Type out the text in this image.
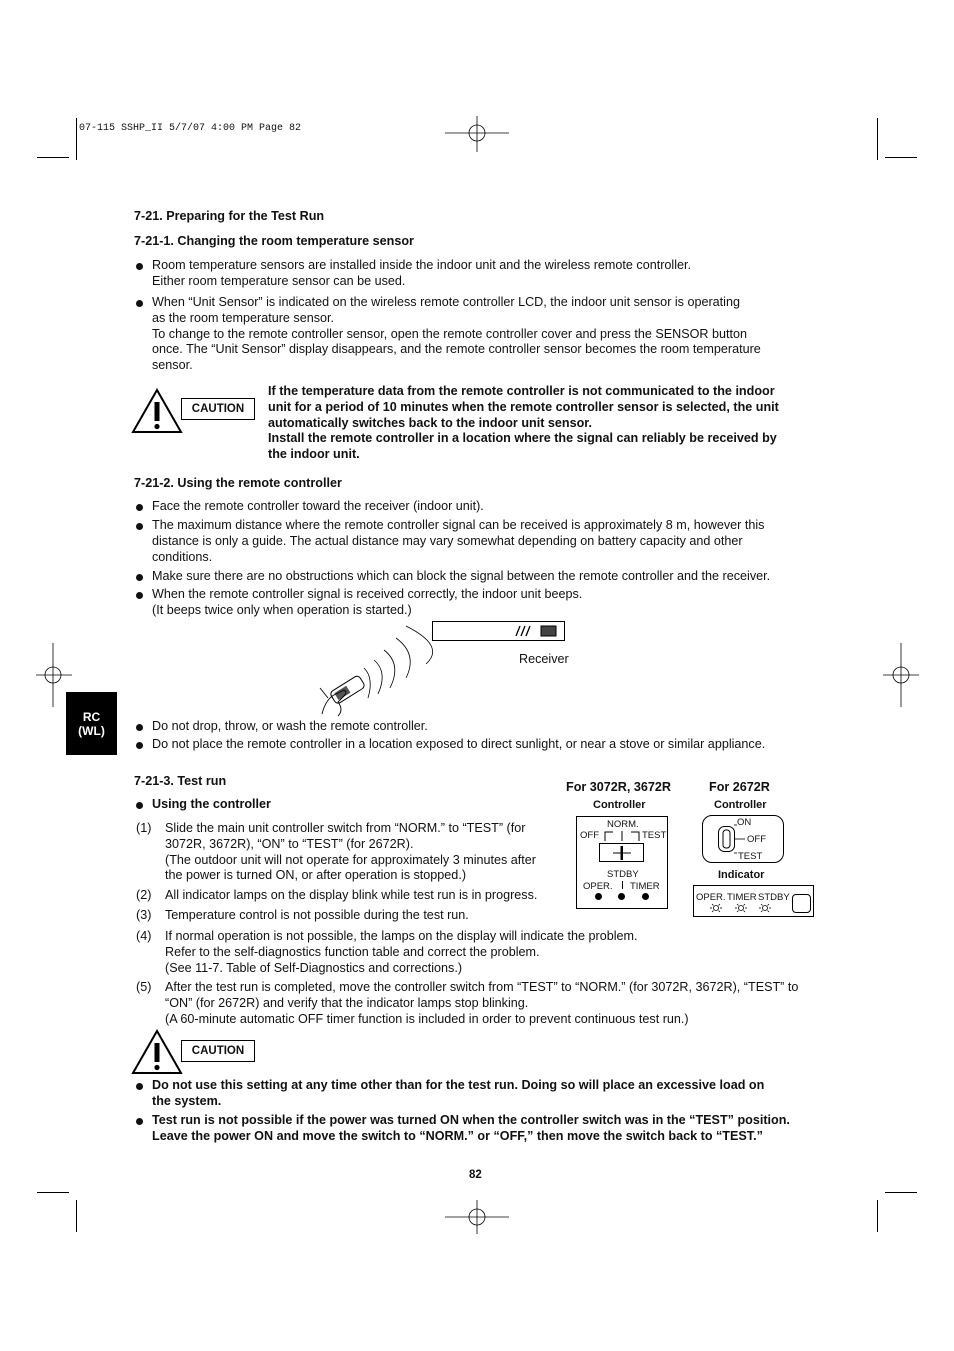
07-115 SSHP_II 5/7/07 4:00 PM Page 82
RC
(WL)
7-21. Preparing for the Test Run
7-21-1. Changing the room temperature sensor
Room temperature sensors are installed inside the indoor unit and the wireless remote controller.
Either room temperature sensor can be used.
When “Unit Sensor” is indicated on the wireless remote controller LCD, the indoor unit sensor is operating
as the room temperature sensor.
To change to the remote controller sensor, open the remote controller cover and press the SENSOR button
once. The “Unit Sensor” display disappears, and the remote controller sensor becomes the room temperature
sensor.
CAUTION
If the temperature data from the remote controller is not communicated to the indoor
unit for a period of 10 minutes when the remote controller sensor is selected, the unit
automatically switches back to the indoor unit sensor.
Install the remote controller in a location where the signal can reliably be received by
the indoor unit.
7-21-2. Using the remote controller
Face the remote controller toward the receiver (indoor unit).
The maximum distance where the remote controller signal can be received is approximately 8 m, however this
distance is only a guide. The actual distance may vary somewhat depending on battery capacity and other
conditions.
Make sure there are no obstructions which can block the signal between the remote controller and the receiver.
When the remote controller signal is received correctly, the indoor unit beeps.
(It beeps twice only when operation is started.)
Receiver
Do not drop, throw, or wash the remote controller.
Do not place the remote controller in a location exposed to direct sunlight, or near a stove or similar appliance.
7-21-3. Test run
Using the controller
(1) Slide the main unit controller switch from “NORM.” to “TEST” (for
3072R, 3672R), “ON” to “TEST” (for 2672R).
(The outdoor unit will not operate for approximately 3 minutes after
the power is turned ON, or after operation is stopped.)
(2) All indicator lamps on the display blink while test run is in progress.
(3) Temperature control is not possible during the test run.
(4) If normal operation is not possible, the lamps on the display will indicate the problem.
Refer to the self-diagnostics function table and correct the problem.
(See 11-7. Table of Self-Diagnostics and corrections.)
(5) After the test run is completed, move the controller switch from “TEST” to “NORM.” (for 3072R, 3672R), “TEST” to
“ON” (for 2672R) and verify that the indicator lamps stop blinking.
(A 60-minute automatic OFF timer function is included in order to prevent continuous test run.)
For 3072R, 3672R
Controller
NORM.
OFF	TEST
STDBY
OPER. TIMER
For 2672R
Controller
ON
OFF
TEST
Indicator
OPER. TIMER STDBY
CAUTION
Do not use this setting at any time other than for the test run. Doing so will place an excessive load on
the system.
Test run is not possible if the power was turned ON when the controller switch was in the “TEST” position.
Leave the power ON and move the switch to “NORM.” or “OFF,” then move the switch back to “TEST.”
82
